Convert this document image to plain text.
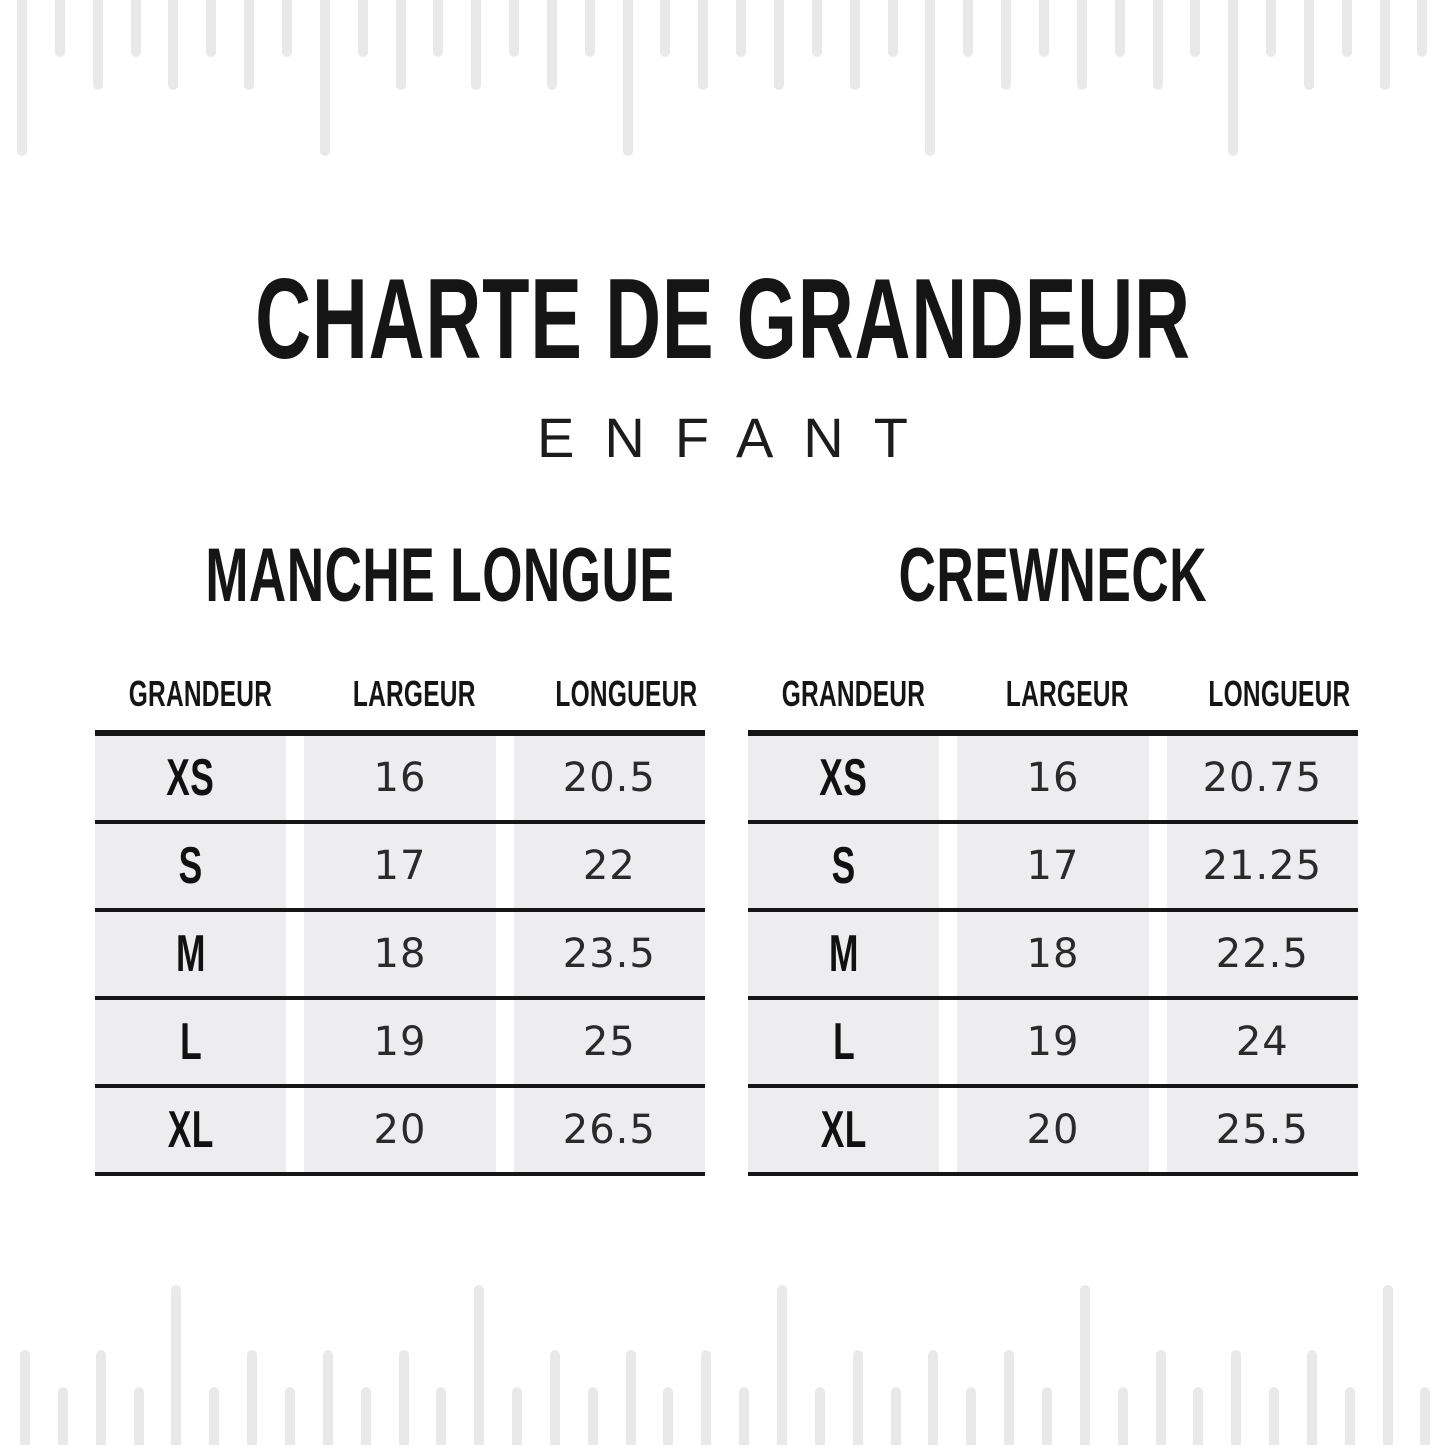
CHARTE DE GRANDEUR
ENFANT
MANCHE LONGUE
GRANDEUR	LARGEUR	LONGUEUR
XS	16	20.5
S	17	22
M	18	23.5
L	19	25
XL	20	26.5
CREWNECK
GRANDEUR	LARGEUR	LONGUEUR
XS	16	20.75
S	17	21.25
M	18	22.5
L	19	24
XL	20	25.5
